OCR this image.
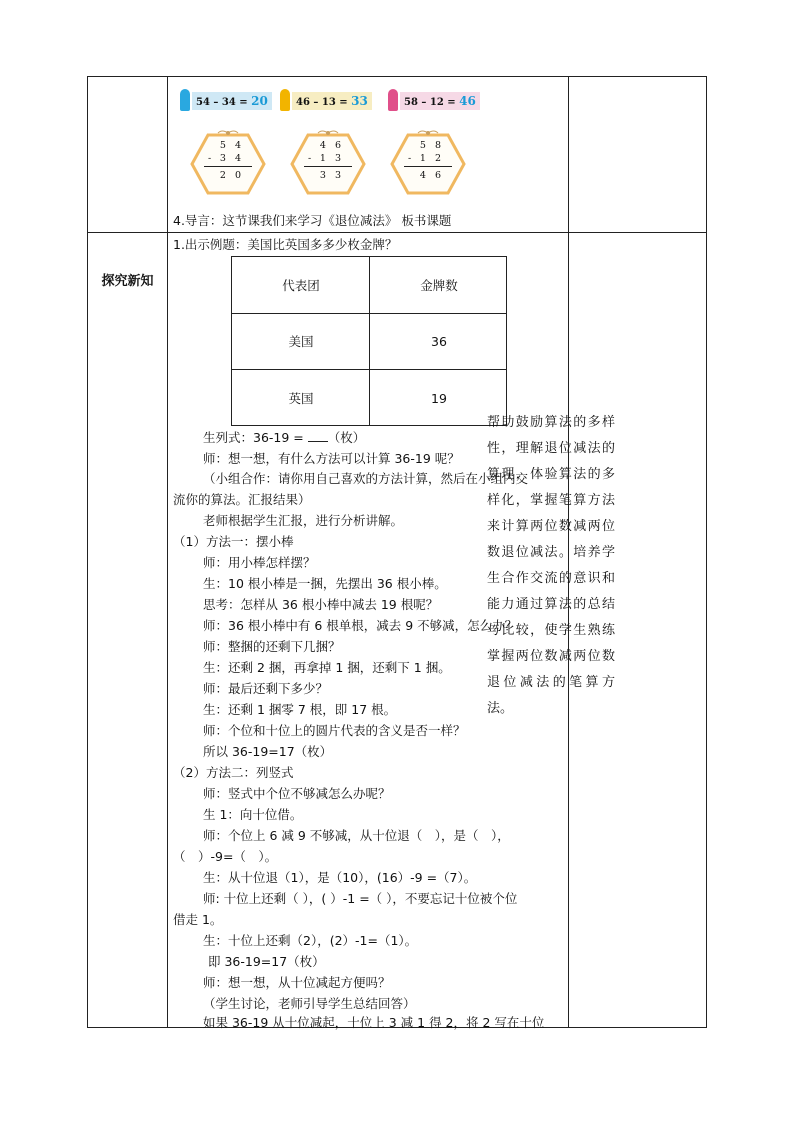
54 – 34 = 20	46 – 13 = 33	58 – 12 = 46
5 4
- 3 4
2 0
4 6
- 1 3
3 3
5 8
- 1 2
4 6
4.导言：这节课我们来学习《退位减法》 板书课题
探究新知
1.出示例题：美国比英国多多少枚金牌？
代表团	金牌数
美国	36
英国	19
生列式：36-19 = （枚）
师：想一想，有什么方法可以计算 36-19 呢？
（小组合作：请你用自己喜欢的方法计算，然后在小组内交
流你的算法。汇报结果）
老师根据学生汇报，进行分析讲解。
（1）方法一：摆小棒
师：用小棒怎样摆？
生：10 根小棒是一捆，先摆出 36 根小棒。
思考：怎样从 36 根小棒中减去 19 根呢？
师：36 根小棒中有 6 根单根，减去 9 不够减，怎么办？
师：整捆的还剩下几捆？
生：还剩 2 捆，再拿掉 1 捆，还剩下 1 捆。
师：最后还剩下多少？
生：还剩 1 捆零 7 根，即 17 根。
师：个位和十位上的圆片代表的含义是否一样？
所以 36-19=17（枚）
（2）方法二：列竖式
师：竖式中个位不够减怎么办呢？
生 1：向十位借。
师：个位上 6 减 9 不够减，从十位退（　），是（　），
（　）-9=（　）。
生：从十位退（1），是（10），(16）-9 =（7）。
师: 十位上还剩（ ），( ）-1 =（ ），不要忘记十位被个位
借走 1。
生：十位上还剩（2），(2）-1=（1）。
即 36-19=17（枚）
师：想一想，从十位减起方便吗？
（学生讨论，老师引导学生总结回答）
如果 36-19 从十位减起，十位上 3 减 1 得 2，将 2 写在十位
帮助鼓励算法的多样性，理解退位减法的算理，体验算法的多样化，掌握笔算方法来计算两位数减两位数退位减法。培养学生合作交流的意识和能力通过算法的总结与比较，使学生熟练掌握两位数减两位数退位减法的笔算方法。
